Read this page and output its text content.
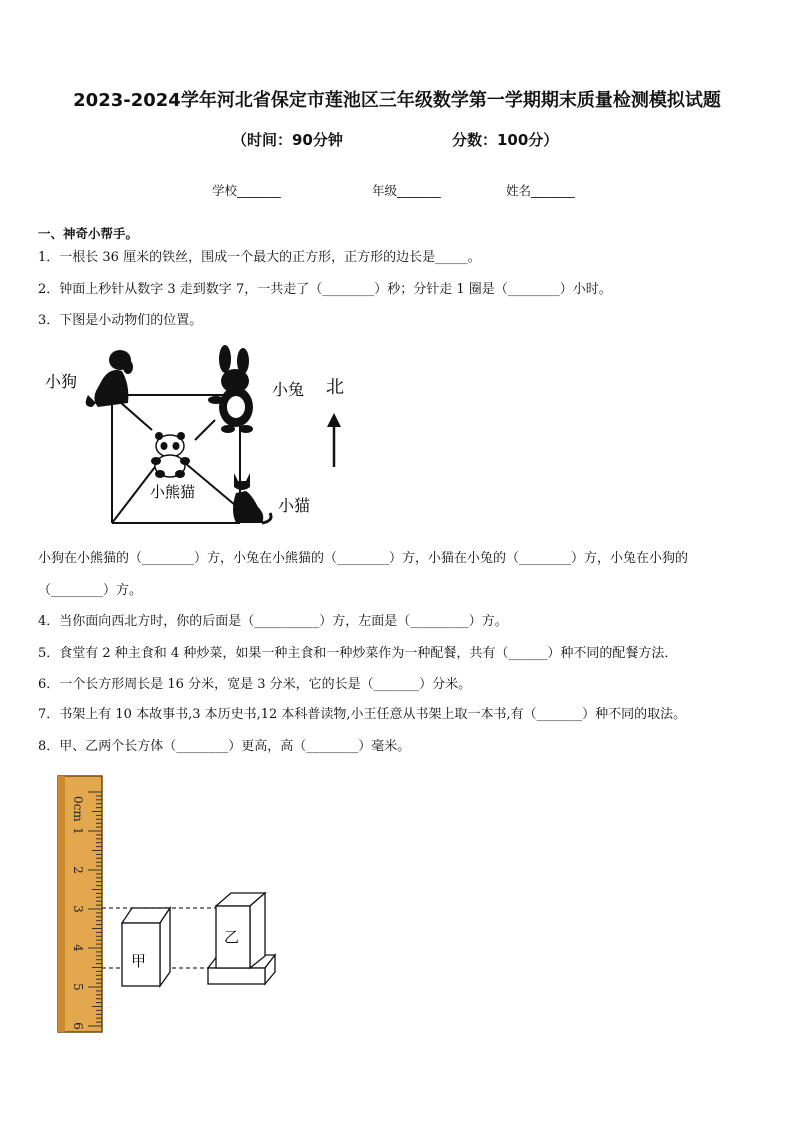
2023-2024学年河北省保定市莲池区三年级数学第一学期期末质量检测模拟试题
（时间：90分钟	分数：100分）
学校_______	年级_______	姓名_______
一、神奇小帮手。
1．一根长 36 厘米的铁丝，围成一个最大的正方形，正方形的边长是_____。
2．钟面上秒针从数字 3 走到数字 7，一共走了（________）秒；分针走 1 圈是（________）小时。
3．下图是小动物们的位置。
小狗	小兔
小熊猫
小猫
北
小狗在小熊猫的（________）方，小兔在小熊猫的（________）方，小猫在小兔的（________）方，小兔在小狗的
（________）方。
4．当你面向西北方时，你的后面是（__________）方，左面是（_________）方。
5．食堂有 2 种主食和 4 种炒菜，如果一种主食和一种炒菜作为一种配餐，共有（______）种不同的配餐方法．
6．一个长方形周长是 16 分米，宽是 3 分米，它的长是（_______）分米。
7．书架上有 10 本故事书,3 本历史书,12 本科普读物,小王任意从书架上取一本书,有（_______）种不同的取法。
8．甲、乙两个长方体（________）更高，高（________）毫米。
0cm
1
2
3
4
5
6
甲
乙
